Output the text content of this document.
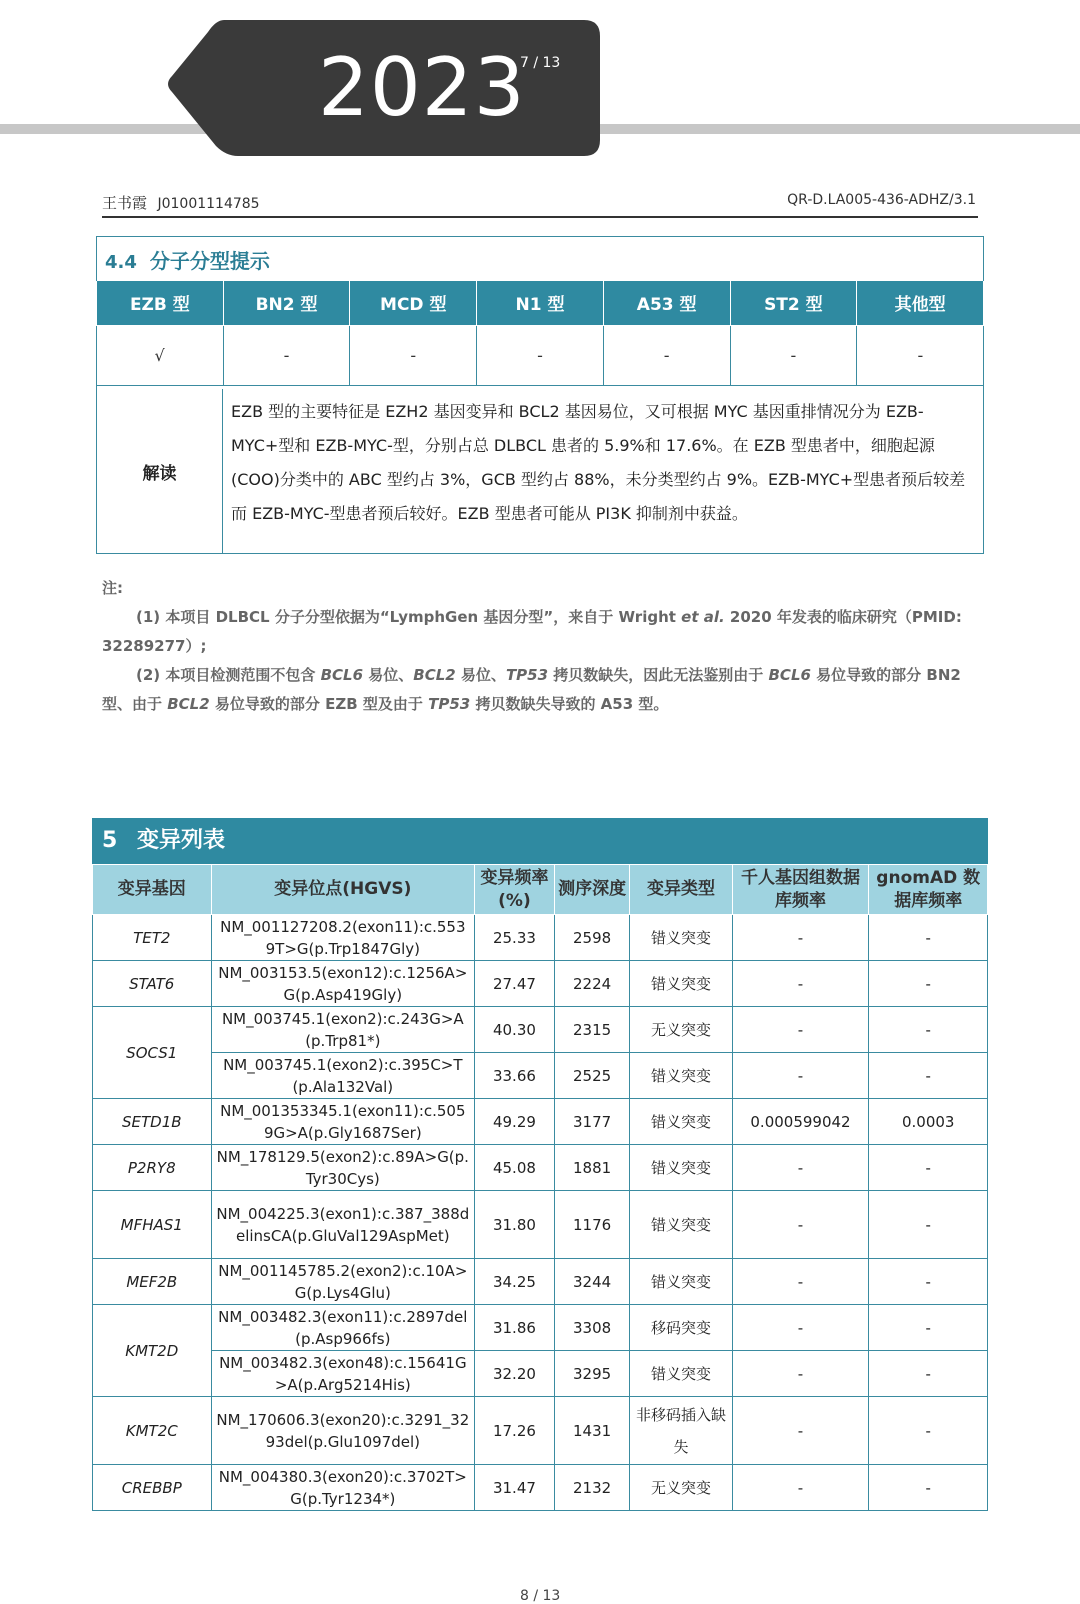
2023
7 / 13
王书霞 J01001114785	QR-D.LA005-436-ADHZ/3.1
4.4 分子分型提示
EZB 型	BN2 型	MCD 型	N1 型	A53 型	ST2 型	其他型
√	-	-	-	-	-	-
解读
EZB 型的主要特征是 EZH2 基因变异和 BCL2 基因易位，又可根据 MYC 基因重排情况分为 EZB-MYC+型和 EZB-MYC-型，分别占总 DLBCL 患者的 5.9%和 17.6%。在 EZB 型患者中，细胞起源(COO)分类中的 ABC 型约占 3%，GCB 型约占 88%，未分类型约占 9%。EZB-MYC+型患者预后较差而 EZB-MYC-型患者预后较好。EZB 型患者可能从 PI3K 抑制剂中获益。

注:

(1) 本项目 DLBCL 分子分型依据为“LymphGen 基因分型”，来自于 Wright et al. 2020 年发表的临床研究（PMID: 32289277）;

(2) 本项目检测范围不包含 BCL6 易位、BCL2 易位、TP53 拷贝数缺失，因此无法鉴别由于 BCL6 易位导致的部分 BN2 型、由于 BCL2 易位导致的部分 EZB 型及由于 TP53 拷贝数缺失导致的 A53 型。

5 变异列表
变异基因	变异位点(HGVS)	变异频率(%)	测序深度	变异类型	千人基因组数据库频率	gnomAD 数据库频率
TET2	NM_001127208.2(exon11):c.5539T>G(p.Trp1847Gly)	25.33	2598	错义突变	-	-
STAT6	NM_003153.5(exon12):c.1256A>G(p.Asp419Gly)	27.47	2224	错义突变	-	-
SOCS1	NM_003745.1(exon2):c.243G>A(p.Trp81*)	40.30	2315	无义突变	-	-
	NM_003745.1(exon2):c.395C>T(p.Ala132Val)	33.66	2525	错义突变	-	-
SETD1B	NM_001353345.1(exon11):c.5059G>A(p.Gly1687Ser)	49.29	3177	错义突变	0.000599042	0.0003
P2RY8	NM_178129.5(exon2):c.89A>G(p.Tyr30Cys)	45.08	1881	错义突变	-	-
MFHAS1	NM_004225.3(exon1):c.387_388delinsCA(p.GluVal129AspMet)	31.80	1176	错义突变	-	-
MEF2B	NM_001145785.2(exon2):c.10A>G(p.Lys4Glu)	34.25	3244	错义突变	-	-
KMT2D	NM_003482.3(exon11):c.2897del(p.Asp966fs)	31.86	3308	移码突变	-	-
	NM_003482.3(exon48):c.15641G>A(p.Arg5214His)	32.20	3295	错义突变	-	-
KMT2C	NM_170606.3(exon20):c.3291_3293del(p.Glu1097del)	17.26	1431	非移码插入缺失	-	-
CREBBP	NM_004380.3(exon20):c.3702T>G(p.Tyr1234*)	31.47	2132	无义突变	-	-
8 / 13
